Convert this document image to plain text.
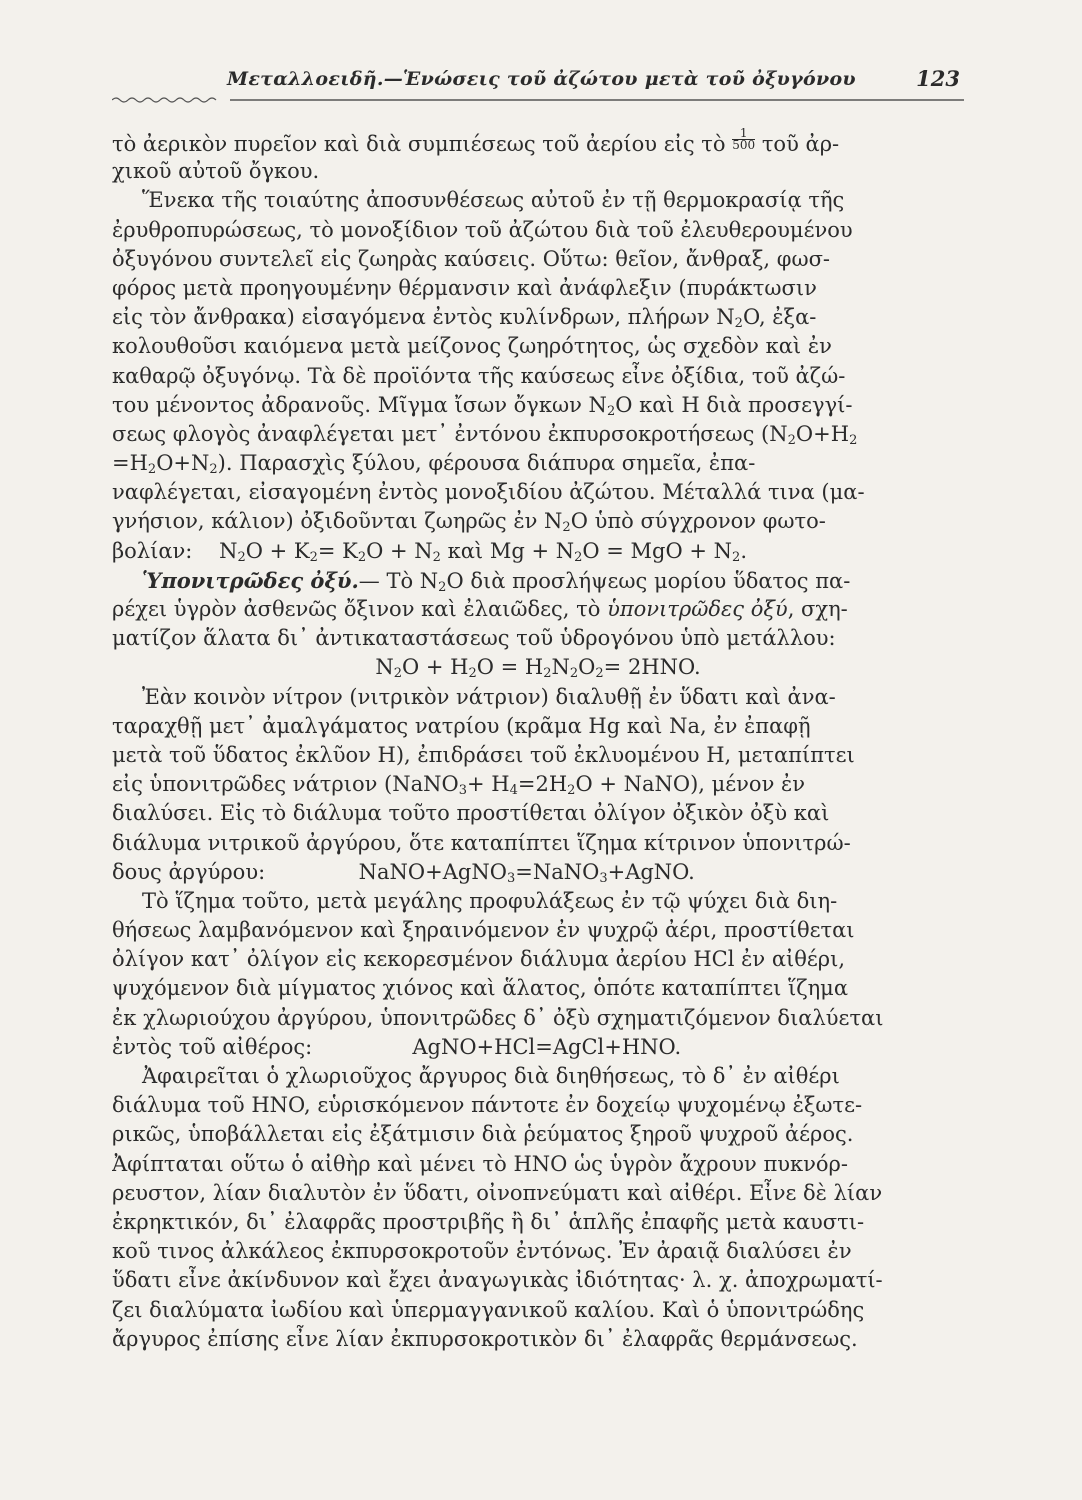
Μεταλλοειδῆ.—Ἑνώσεις τοῦ ἀζώτου μετὰ τοῦ ὀξυγόνου	123
τὸ ἀερικὸν πυρεῖον καὶ διὰ συμπιέσεως τοῦ ἀερίου εἰς τὸ $\frac{1}{500}$ τοῦ ἀρ-
χικοῦ αὐτοῦ ὄγκου.
Ἕνεκα τῆς τοιαύτης ἀποσυνθέσεως αὐτοῦ ἐν τῇ θερμοκρασίᾳ τῆς
ἐρυθροπυρώσεως, τὸ μονοξίδιον τοῦ ἀζώτου διὰ τοῦ ἐλευθερουμένου
ὀξυγόνου συντελεῖ εἰς ζωηρὰς καύσεις. Οὕτω: θεῖον, ἄνθραξ, φωσ-
φόρος μετὰ προηγουμένην θέρμανσιν καὶ ἀνάφλεξιν (πυράκτωσιν
εἰς τὸν ἄνθρακα) εἰσαγόμενα ἐντὸς κυλίνδρων, πλήρων $N_2O$, ἐξα-
κολουθοῦσι καιόμενα μετὰ μείζονος ζωηρότητος, ὡς σχεδὸν καὶ ἐν
καθαρῷ ὀξυγόνῳ. Τὰ δὲ προϊόντα τῆς καύσεως εἶνε ὀξίδια, τοῦ ἀζώ-
του μένοντος ἀδρανοῦς. Μῖγμα ἴσων ὄγκων $N_2O$ καὶ H διὰ προσεγγί-
σεως φλογὸς ἀναφλέγεται μετ᾽ ἐντόνου ἐκπυρσοκροτήσεως ($N_2O+H_2$
$=H_2O+N_2$). Παρασχὶς ξύλου, φέρουσα διάπυρα σημεῖα, ἐπα-
ναφλέγεται, εἰσαγομένη ἐντὸς μονοξιδίου ἀζώτου. Μέταλλά τινα (μα-
γνήσιον, κάλιον) ὀξιδοῦνται ζωηρῶς ἐν $N_2O$ ὑπὸ σύγχρονον φωτο-
βολίαν: $N_2O + K_2= K_2O + N_2$ καὶ $Mg + N_2O$ = MgO + $N_2$.
Ὑπονιτρῶδες ὀξύ.— Τὸ $N_2O$ διὰ προσλήψεως μορίου ὕδατος πα-
ρέχει ὑγρὸν ἀσθενῶς ὄξινον καὶ ἐλαιῶδες, τὸ ὑπονιτρῶδες ὀξύ, σχη-
ματίζον ἅλατα δι᾽ ἀντικαταστάσεως τοῦ ὑδρογόνου ὑπὸ μετάλλου:
$N_2O + H_2O = H_2N_2O_2= 2HNO$.
Ἐὰν κοινὸν νίτρον (νιτρικὸν νάτριον) διαλυθῇ ἐν ὕδατι καὶ ἀνα-
ταραχθῇ μετ᾽ ἀμαλγάματος νατρίου (κρᾶμα Hg καὶ Na, ἐν ἐπαφῇ
μετὰ τοῦ ὕδατος ἐκλῦον H), ἐπιδράσει τοῦ ἐκλυομένου H, μεταπίπτει
εἰς ὑπονιτρῶδες νάτριον (NaNO$_3$+ $H_4=2H_2O$ + NaNO), μένον ἐν
διαλύσει. Εἰς τὸ διάλυμα τοῦτο προστίθεται ὀλίγον ὀξικὸν ὀξὺ καὶ
διάλυμα νιτρικοῦ ἀργύρου, ὅτε καταπίπτει ἵζημα κίτρινον ὑπονιτρώ-
δους ἀργύρου:	NaNO+AgNO$_3$=NaNO$_3$+AgNO.
Τὸ ἵζημα τοῦτο, μετὰ μεγάλης προφυλάξεως ἐν τῷ ψύχει διὰ διη-
θήσεως λαμβανόμενον καὶ ξηραινόμενον ἐν ψυχρῷ ἀέρι, προστίθεται
ὀλίγον κατ᾽ ὀλίγον εἰς κεκορεσμένον διάλυμα ἀερίου HCl ἐν αἰθέρι,
ψυχόμενον διὰ μίγματος χιόνος καὶ ἅλατος, ὁπότε καταπίπτει ἵζημα
ἐκ χλωριούχου ἀργύρου, ὑπονιτρῶδες δ᾽ ὀξὺ σχηματιζόμενον διαλύεται
ἐντὸς τοῦ αἰθέρος:	AgNO+HCl=AgCl+HNO.
Ἀφαιρεῖται ὁ χλωριοῦχος ἄργυρος διὰ διηθήσεως, τὸ δ᾽ ἐν αἰθέρι
διάλυμα τοῦ HNO, εὑρισκόμενον πάντοτε ἐν δοχείῳ ψυχομένῳ ἐξωτε-
ρικῶς, ὑποβάλλεται εἰς ἐξάτμισιν διὰ ῥεύματος ξηροῦ ψυχροῦ ἀέρος.
Ἀφίπταται οὕτω ὁ αἰθὴρ καὶ μένει τὸ HNO ὡς ὑγρὸν ἄχρουν πυκνόρ-
ρευστον, λίαν διαλυτὸν ἐν ὕδατι, οἰνοπνεύματι καὶ αἰθέρι. Εἶνε δὲ λίαν
ἐκρηκτικόν, δι᾽ ἐλαφρᾶς προστριβῆς ἢ δι᾽ ἁπλῆς ἐπαφῆς μετὰ καυστι-
κοῦ τινος ἀλκάλεος ἐκπυρσοκροτοῦν ἐντόνως. Ἐν ἀραιᾷ διαλύσει ἐν
ὕδατι εἶνε ἀκίνδυνον καὶ ἔχει ἀναγωγικὰς ἰδιότητας· λ. χ. ἀποχρωματί-
ζει διαλύματα ἰωδίου καὶ ὑπερμαγγανικοῦ καλίου. Καὶ ὁ ὑπονιτρώδης
ἄργυρος ἐπίσης εἶνε λίαν ἐκπυρσοκροτικὸν δι᾽ ἐλαφρᾶς θερμάνσεως.
